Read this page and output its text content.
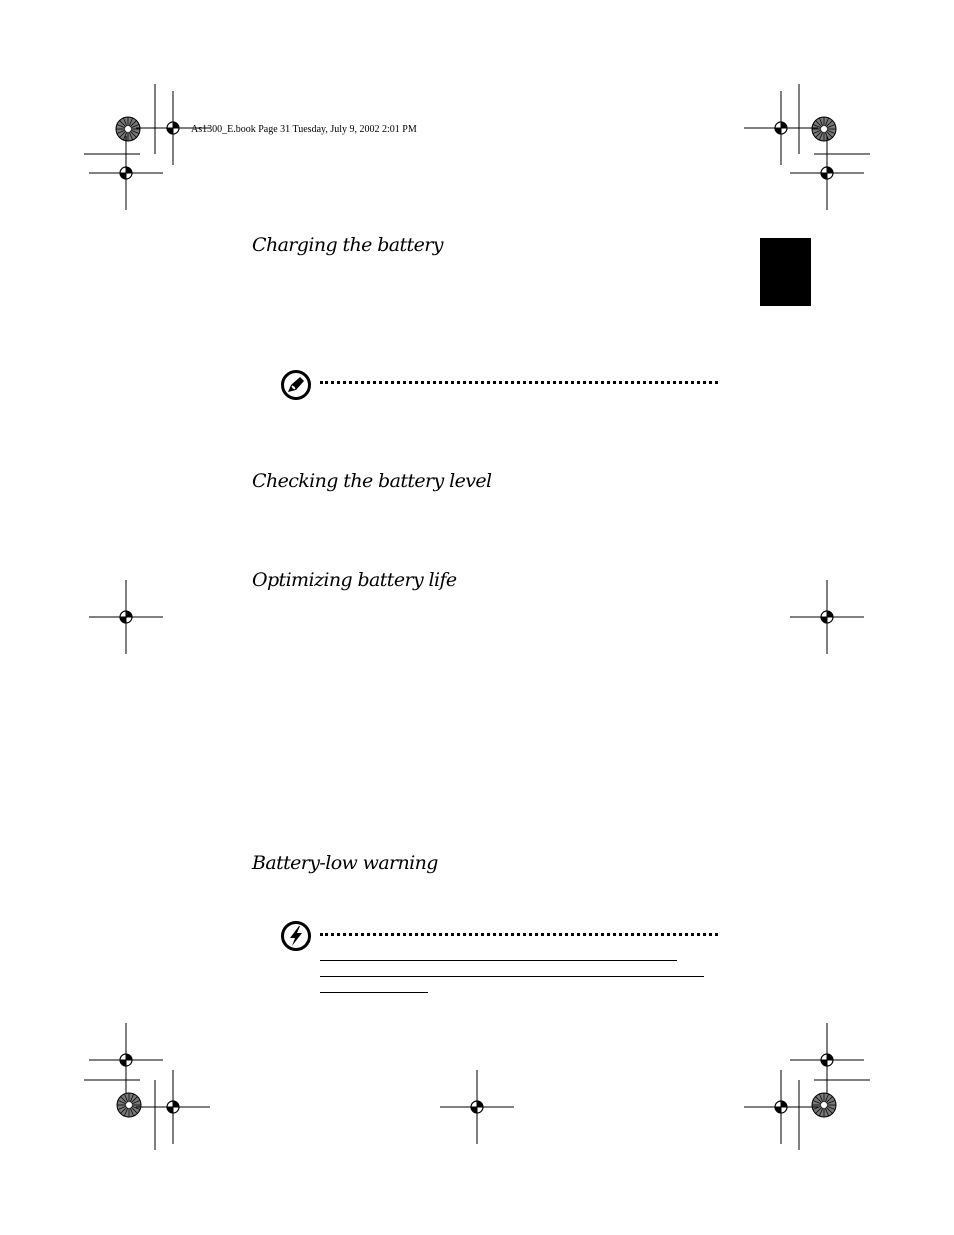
As1300_E.book Page 31 Tuesday, July 9, 2002 2:01 PM
Charging the battery
Checking the battery level
Optimizing battery life
Battery-low warning
